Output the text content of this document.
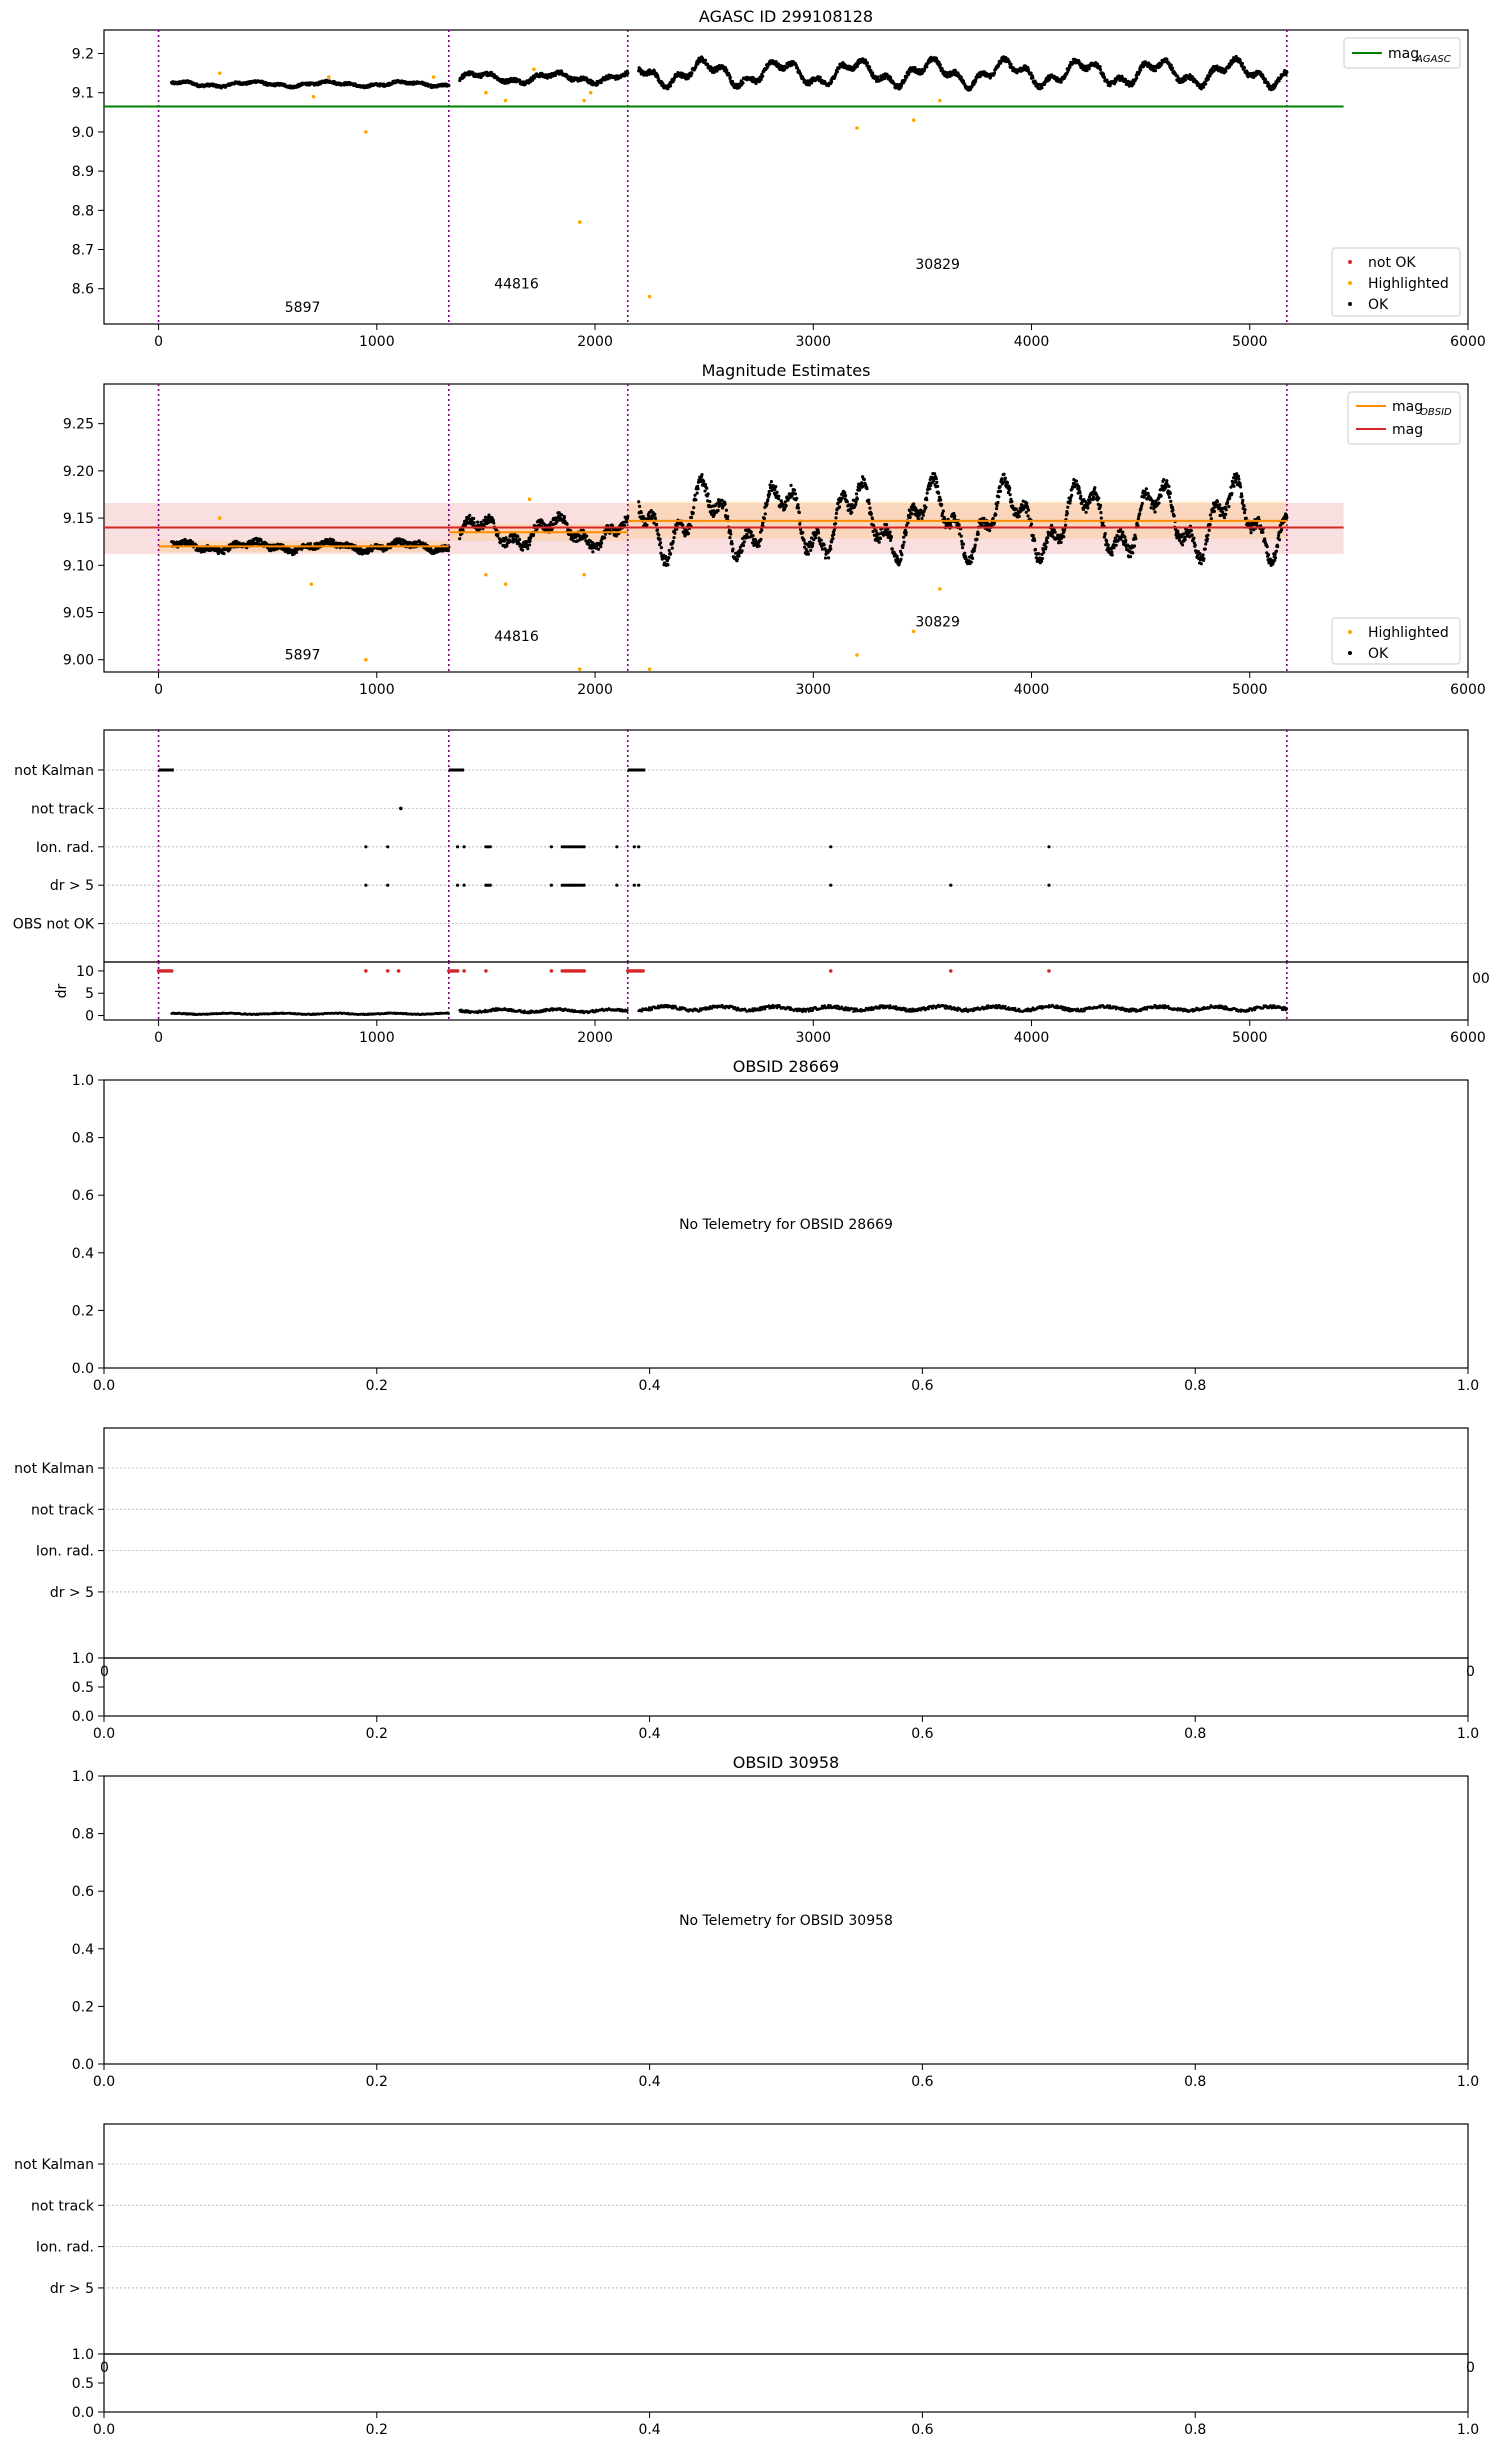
AGASC ID 299108128
5897
44816
30829
0	1000	2000	3000	4000	5000	6000
8.6
8.7
8.8
8.9
9.0
9.1
9.2
Magnitude Estimates
5897
44816
30829
0	1000	2000	3000	4000	5000	6000
9.00
9.05
9.10
9.15
9.20
9.25
not Kalman
not track
Ion. rad.
dr > 5
OBS not OK
0
5
10
0	1000	2000	3000	4000	5000	6000
dr
00
OBSID 28669
No Telemetry for OBSID 28669
0.0	0.2	0.4	0.6	0.8	1.0
0.0
0.2
0.4
0.6
0.8
1.0
OBSID 30958
No Telemetry for OBSID 30958
0.0	0.2	0.4	0.6	0.8	1.0
0.0
0.2
0.4
0.6
0.8
1.0
not Kalman
not track
Ion. rad.
dr > 5
0	0
not Kalman
not track
Ion. rad.
dr > 5
0	0
0.0
0.5
1.0
0.0	0.2	0.4	0.6	0.8	1.0
0.0
0.5
1.0
0.0	0.2	0.4	0.6	0.8	1.0
mag
AGASC
not OK
Highlighted
OK
mag
OBSID
mag
Highlighted
OK
